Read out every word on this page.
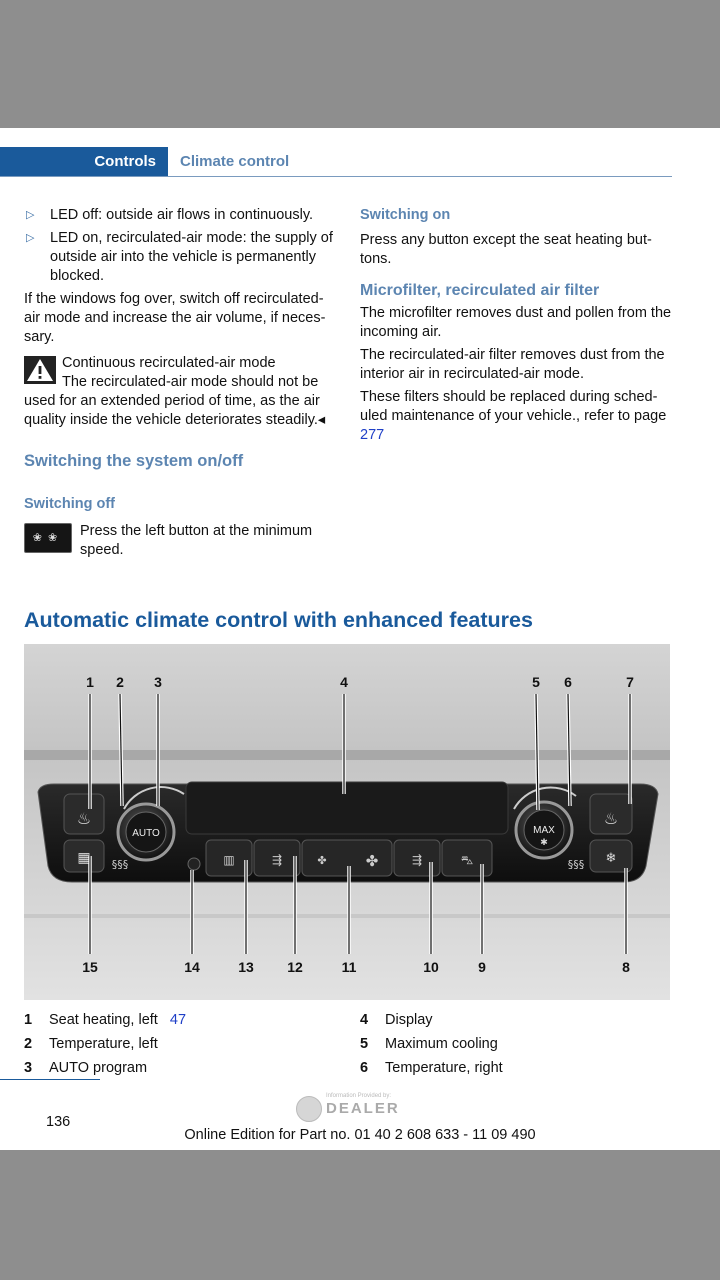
Controls	Climate control
▷ LED off: outside air flows in continuously.
▷ LED on, recirculated-air mode: the supply of outside air into the vehicle is permanently blocked.
If the windows fog over, switch off recirculated-air mode and increase the air volume, if neces-sary.
Continuous recirculated-air mode
The recirculated-air mode should not be used for an extended period of time, as the air quality inside the vehicle deteriorates steadily.◂
Switching the system on/off
Switching off
❀❀	Press the left button at the minimum speed.
Switching on
Press any button except the seat heating but-tons.
Microfilter, recirculated air filter
The microfilter removes dust and pollen from the incoming air.
The recirculated-air filter removes dust from the interior air in recirculated-air mode.
These filters should be replaced during sched-uled maintenance of your vehicle., refer to page 277
Automatic climate control with enhanced features
♨
▦ §§§
AUTO
▥	⇶	✤	✤	⇶	⛍
MAX
✱
§§§
♨
❄
1 2 3	4	5 6	7
15	14	13 12	11	10	9	8
1	Seat heating, left
47
2	Temperature, left
3	AUTO program
4	Display
5	Maximum cooling
6	Temperature, right
136
Information Provided by:
DEALER
Online Edition for Part no. 01 40 2 608 633 - 11 09 490
